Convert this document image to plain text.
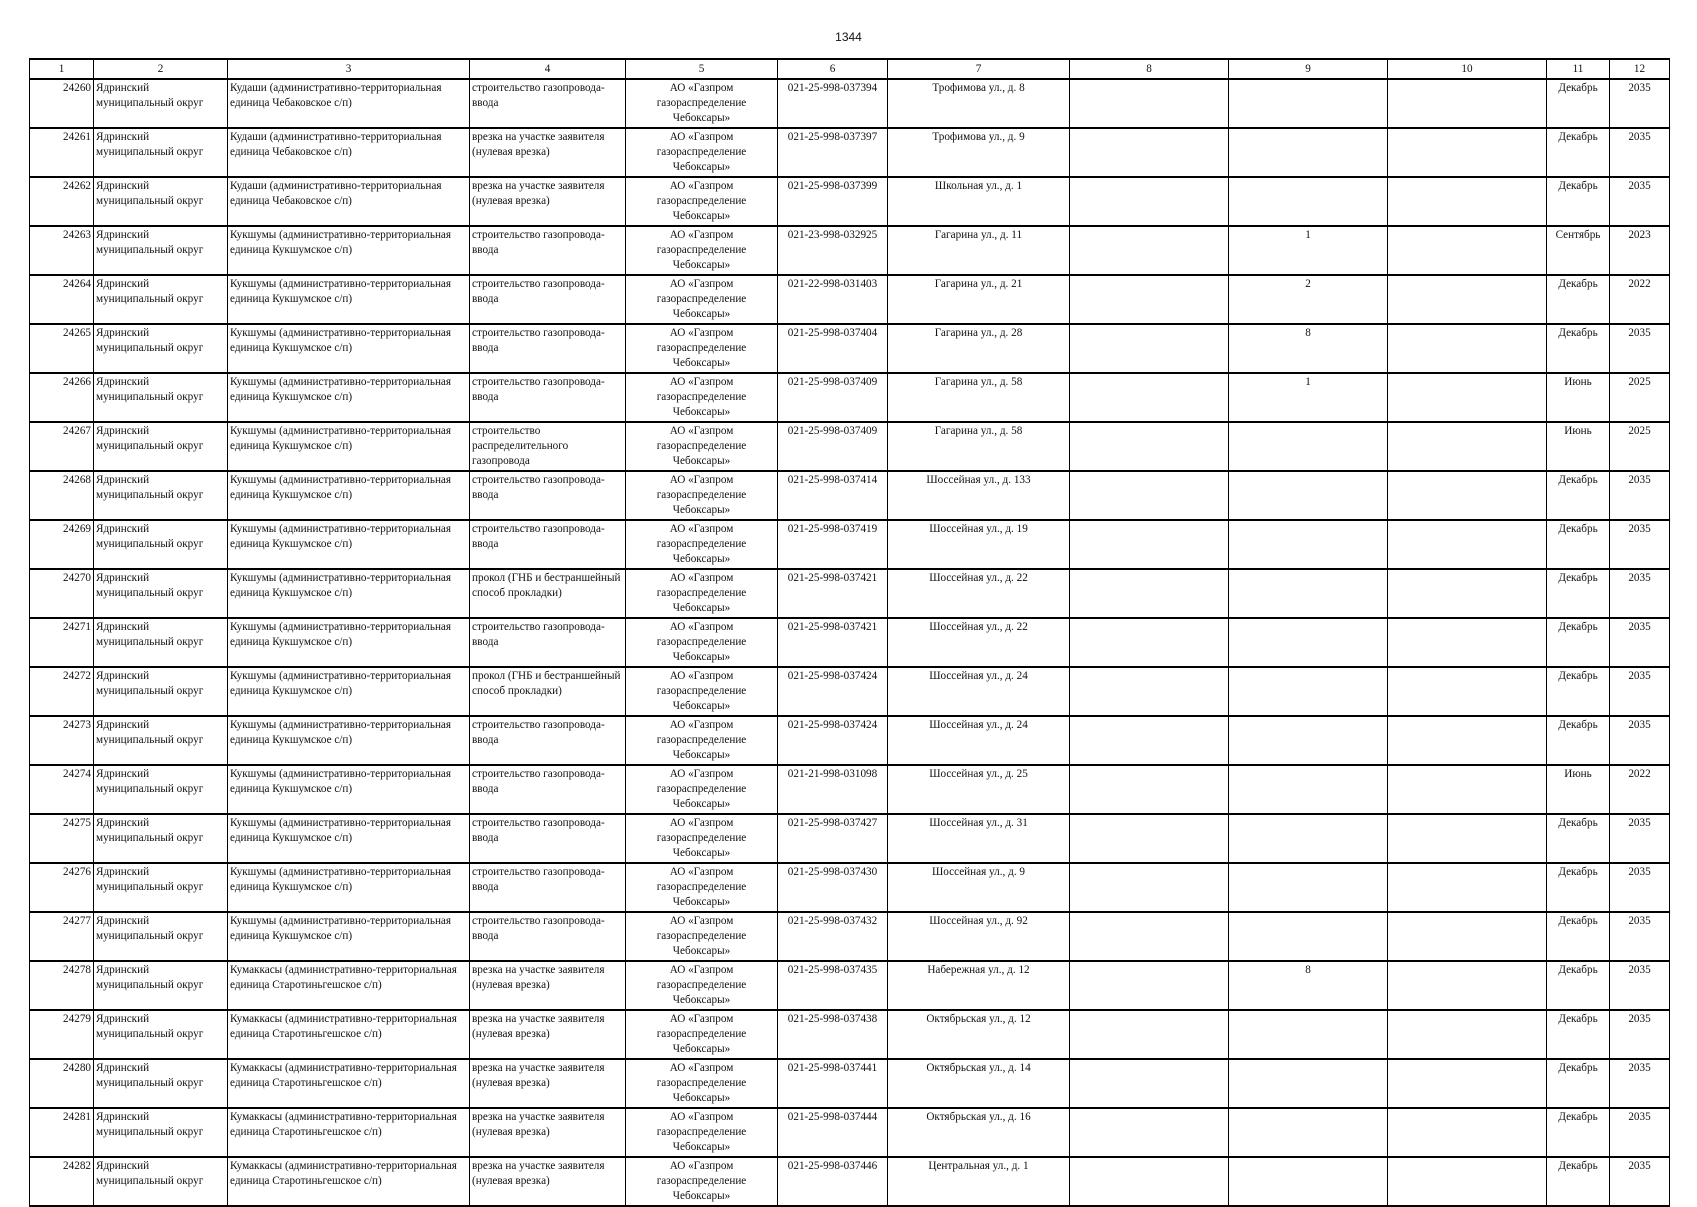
1344
1	2	3	4	5	6	7	8	9	10	11	12
24260	Ядринский муниципальный округ	Кудаши (административно-территориальная единица Чебаковское с/п)	строительство газопровода-ввода	АО «Газпром газораспределение Чебоксары»	021-25-998-037394	Трофимова ул., д. 8				Декабрь	2035
24261	Ядринский муниципальный округ	Кудаши (административно-территориальная единица Чебаковское с/п)	врезка на участке заявителя (нулевая врезка)	АО «Газпром газораспределение Чебоксары»	021-25-998-037397	Трофимова ул., д. 9				Декабрь	2035
24262	Ядринский муниципальный округ	Кудаши (административно-территориальная единица Чебаковское с/п)	врезка на участке заявителя (нулевая врезка)	АО «Газпром газораспределение Чебоксары»	021-25-998-037399	Школьная ул., д. 1				Декабрь	2035
24263	Ядринский муниципальный округ	Кукшумы (административно-территориальная единица Кукшумское с/п)	строительство газопровода-ввода	АО «Газпром газораспределение Чебоксары»	021-23-998-032925	Гагарина ул., д. 11		1		Сентябрь	2023
24264	Ядринский муниципальный округ	Кукшумы (административно-территориальная единица Кукшумское с/п)	строительство газопровода-ввода	АО «Газпром газораспределение Чебоксары»	021-22-998-031403	Гагарина ул., д. 21		2		Декабрь	2022
24265	Ядринский муниципальный округ	Кукшумы (административно-территориальная единица Кукшумское с/п)	строительство газопровода-ввода	АО «Газпром газораспределение Чебоксары»	021-25-998-037404	Гагарина ул., д. 28		8		Декабрь	2035
24266	Ядринский муниципальный округ	Кукшумы (административно-территориальная единица Кукшумское с/п)	строительство газопровода-ввода	АО «Газпром газораспределение Чебоксары»	021-25-998-037409	Гагарина ул., д. 58		1		Июнь	2025
24267	Ядринский муниципальный округ	Кукшумы (административно-территориальная единица Кукшумское с/п)	строительство распределительного газопровода	АО «Газпром газораспределение Чебоксары»	021-25-998-037409	Гагарина ул., д. 58				Июнь	2025
24268	Ядринский муниципальный округ	Кукшумы (административно-территориальная единица Кукшумское с/п)	строительство газопровода-ввода	АО «Газпром газораспределение Чебоксары»	021-25-998-037414	Шоссейная ул., д. 133				Декабрь	2035
24269	Ядринский муниципальный округ	Кукшумы (административно-территориальная единица Кукшумское с/п)	строительство газопровода-ввода	АО «Газпром газораспределение Чебоксары»	021-25-998-037419	Шоссейная ул., д. 19				Декабрь	2035
24270	Ядринский муниципальный округ	Кукшумы (административно-территориальная единица Кукшумское с/п)	прокол (ГНБ и бестраншейный способ прокладки)	АО «Газпром газораспределение Чебоксары»	021-25-998-037421	Шоссейная ул., д. 22				Декабрь	2035
24271	Ядринский муниципальный округ	Кукшумы (административно-территориальная единица Кукшумское с/п)	строительство газопровода-ввода	АО «Газпром газораспределение Чебоксары»	021-25-998-037421	Шоссейная ул., д. 22				Декабрь	2035
24272	Ядринский муниципальный округ	Кукшумы (административно-территориальная единица Кукшумское с/п)	прокол (ГНБ и бестраншейный способ прокладки)	АО «Газпром газораспределение Чебоксары»	021-25-998-037424	Шоссейная ул., д. 24				Декабрь	2035
24273	Ядринский муниципальный округ	Кукшумы (административно-территориальная единица Кукшумское с/п)	строительство газопровода-ввода	АО «Газпром газораспределение Чебоксары»	021-25-998-037424	Шоссейная ул., д. 24				Декабрь	2035
24274	Ядринский муниципальный округ	Кукшумы (административно-территориальная единица Кукшумское с/п)	строительство газопровода-ввода	АО «Газпром газораспределение Чебоксары»	021-21-998-031098	Шоссейная ул., д. 25				Июнь	2022
24275	Ядринский муниципальный округ	Кукшумы (административно-территориальная единица Кукшумское с/п)	строительство газопровода-ввода	АО «Газпром газораспределение Чебоксары»	021-25-998-037427	Шоссейная ул., д. 31				Декабрь	2035
24276	Ядринский муниципальный округ	Кукшумы (административно-территориальная единица Кукшумское с/п)	строительство газопровода-ввода	АО «Газпром газораспределение Чебоксары»	021-25-998-037430	Шоссейная ул., д. 9				Декабрь	2035
24277	Ядринский муниципальный округ	Кукшумы (административно-территориальная единица Кукшумское с/п)	строительство газопровода-ввода	АО «Газпром газораспределение Чебоксары»	021-25-998-037432	Шоссейная ул., д. 92				Декабрь	2035
24278	Ядринский муниципальный округ	Кумаккасы (административно-территориальная единица Старотиньгешское с/п)	врезка на участке заявителя (нулевая врезка)	АО «Газпром газораспределение Чебоксары»	021-25-998-037435	Набережная ул., д. 12		8		Декабрь	2035
24279	Ядринский муниципальный округ	Кумаккасы (административно-территориальная единица Старотиньгешское с/п)	врезка на участке заявителя (нулевая врезка)	АО «Газпром газораспределение Чебоксары»	021-25-998-037438	Октябрьская ул., д. 12				Декабрь	2035
24280	Ядринский муниципальный округ	Кумаккасы (административно-территориальная единица Старотиньгешское с/п)	врезка на участке заявителя (нулевая врезка)	АО «Газпром газораспределение Чебоксары»	021-25-998-037441	Октябрьская ул., д. 14				Декабрь	2035
24281	Ядринский муниципальный округ	Кумаккасы (административно-территориальная единица Старотиньгешское с/п)	врезка на участке заявителя (нулевая врезка)	АО «Газпром газораспределение Чебоксары»	021-25-998-037444	Октябрьская ул., д. 16				Декабрь	2035
24282	Ядринский муниципальный округ	Кумаккасы (административно-территориальная единица Старотиньгешское с/п)	врезка на участке заявителя (нулевая врезка)	АО «Газпром газораспределение Чебоксары»	021-25-998-037446	Центральная ул., д. 1				Декабрь	2035
